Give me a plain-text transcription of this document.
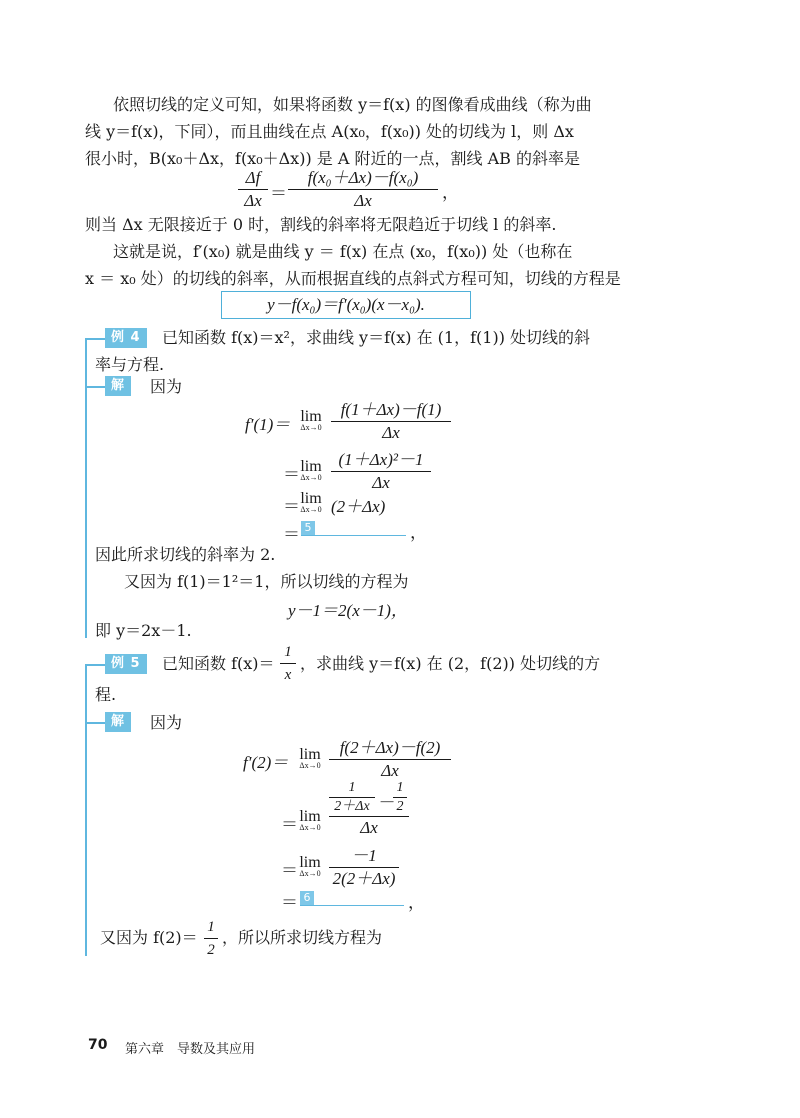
依照切线的定义可知，如果将函数 y＝f(x) 的图像看成曲线（称为曲
线 y＝f(x)，下同），而且曲线在点 A(x₀，f(x₀)) 处的切线为 l，则 Δx
很小时，B(x₀＋Δx，f(x₀＋Δx)) 是 A 附近的一点，割线 AB 的斜率是
Δf
Δx ＝
f(x₀＋Δx)－f(x₀)
Δx	，
则当 Δx 无限接近于 0 时，割线的斜率将无限趋近于切线 l 的斜率.
这就是说，f′(x₀) 就是曲线 y ＝ f(x) 在点 (x₀，f(x₀)) 处（也称在
x ＝ x₀ 处）的切线的斜率，从而根据直线的点斜式方程可知，切线的方程是
y－f(x₀)＝f′(x₀)(x－x₀).
例 4	已知函数 f(x)＝x²，求曲线 y＝f(x) 在 (1，f(1)) 处切线的斜
率与方程.
解	因为
f′(1)＝ lim
Δx→0
f(1＋Δx)－f(1)
Δx
＝ lim
Δx→0
(1＋Δx)²－1
Δx
＝ lim
Δx→0 (2＋Δx)
＝ 5	，
因此所求切线的斜率为 2.
又因为 f(1)＝1²＝1，所以切线的方程为
y－1＝2(x－1)，
即 y＝2x－1.
例 5	已知函数 f(x)＝
1
x
，求曲线 y＝f(x) 在 (2，f(2)) 处切线的方
程.
解	因为
f′(2)＝ lim
Δx→0
f(2＋Δx)－f(2)
Δx
＝ lim
Δx→0
1
2＋Δx －
1
2
Δx
＝ lim
Δx→0
－1
2(2＋Δx)
＝ 6	，
又因为 f(2)＝
1
2
，所以所求切线方程为
70 第六章　导数及其应用
